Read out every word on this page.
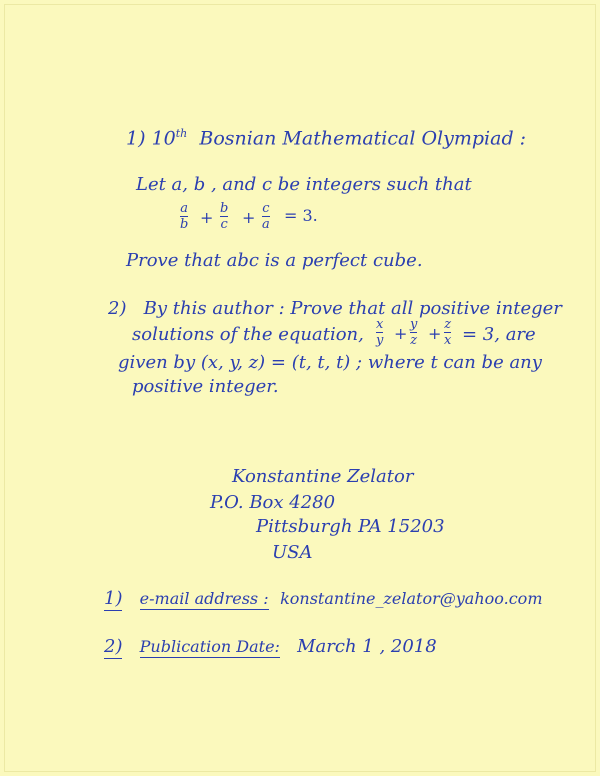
1) 10th Bosnian Mathematical Olympiad :
Let a, b , and c be integers such that
a
b + b
c + c
a = 3.
Prove that abc is a perfect cube.
2) By this author : Prove that all positive integer
solutions of the equation, x
y + y
z + z
x = 3, are
given by (x, y, z) = (t, t, t) ; where t can be any
positive integer.
Konstantine Zelator
P.O. Box 4280
Pittsburgh PA 15203
USA
1) e-mail address : konstantine_zelator@yahoo.com
2) Publication Date: March 1 , 2018
